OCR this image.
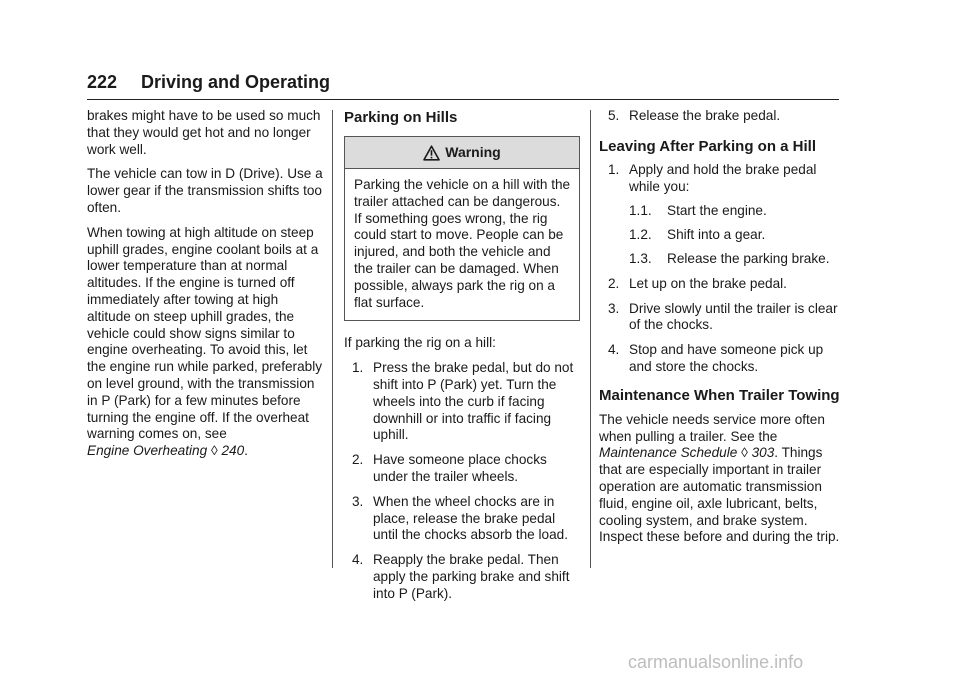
222 Driving and Operating

brakes might have to be used so much that they would get hot and no longer work well.

The vehicle can tow in D (Drive). Use a lower gear if the transmission shifts too often.

When towing at high altitude on steep uphill grades, engine coolant boils at a lower temperature than at normal altitudes. If the engine is turned off immediately after towing at high altitude on steep uphill grades, the vehicle could show signs similar to engine overheating. To avoid this, let the engine run while parked, preferably on level ground, with the transmission in P (Park) for a few minutes before turning the engine off. If the overheat warning comes on, see
Engine Overheating ◊ 240.

Parking on Hills
Warning
Parking the vehicle on a hill with the trailer attached can be dangerous. If something goes wrong, the rig could start to move. People can be injured, and both the vehicle and the trailer can be damaged. When possible, always park the rig on a flat surface.

If parking the rig on a hill:

1. Press the brake pedal, but do not shift into P (Park) yet. Turn the wheels into the curb if facing downhill or into traffic if facing uphill.
2. Have someone place chocks under the trailer wheels.
3. When the wheel chocks are in place, release the brake pedal until the chocks absorb the load.
4. Reapply the brake pedal. Then apply the parking brake and shift into P (Park).
5. Release the brake pedal.
Leaving After Parking on a Hill
1. Apply and hold the brake pedal while you:
1.1. Start the engine.
1.2. Shift into a gear.
1.3. Release the parking brake.
2. Let up on the brake pedal.
3. Drive slowly until the trailer is clear of the chocks.
4. Stop and have someone pick up and store the chocks.
Maintenance When Trailer Towing

The vehicle needs service more often when pulling a trailer. See the Maintenance Schedule ◊ 303. Things that are especially important in trailer operation are automatic transmission fluid, engine oil, axle lubricant, belts, cooling system, and brake system. Inspect these before and during the trip.

carmanualsonline.info
